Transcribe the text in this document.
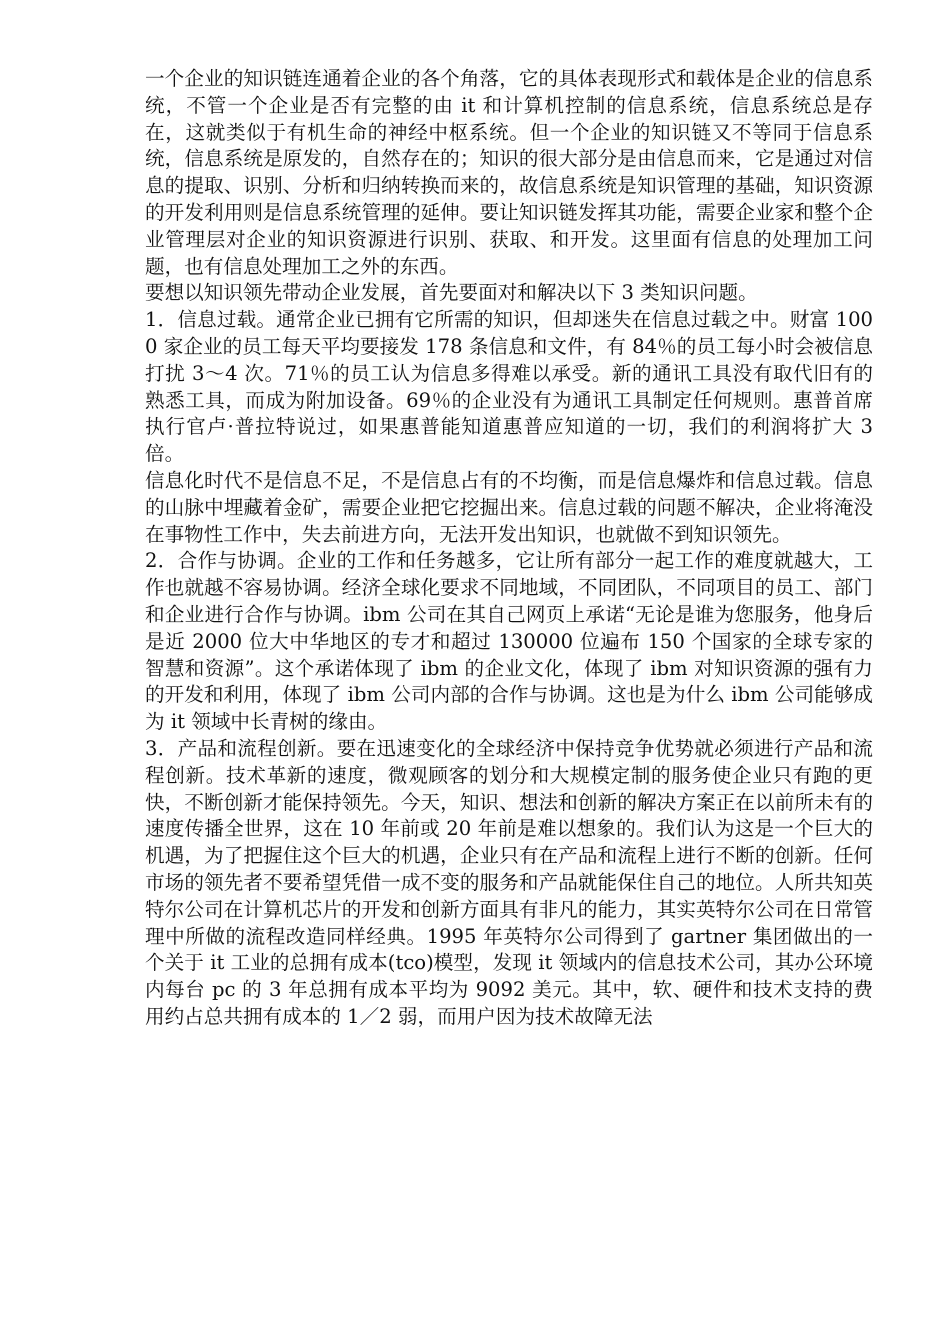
一个企业的知识链连通着企业的各个角落，它的具体表现形式和载体是企业的信息系统，不管一个企业是否有完整的由 it 和计算机控制的信息系统，信息系统总是存在，这就类似于有机生命的神经中枢系统。但一个企业的知识链又不等同于信息系统，信息系统是原发的，自然存在的；知识的很大部分是由信息而来，它是通过对信息的提取、识别、分析和归纳转换而来的，故信息系统是知识管理的基础，知识资源的开发利用则是信息系统管理的延伸。要让知识链发挥其功能，需要企业家和整个企业管理层对企业的知识资源进行识别、获取、和开发。这里面有信息的处理加工问题，也有信息处理加工之外的东西。

要想以知识领先带动企业发展，首先要面对和解决以下 3 类知识问题。

1．信息过载。通常企业已拥有它所需的知识，但却迷失在信息过载之中。财富 1000 家企业的员工每天平均要接发 178 条信息和文件，有 84％的员工每小时会被信息打扰 3～4 次。71％的员工认为信息多得难以承受。新的通讯工具没有取代旧有的熟悉工具，而成为附加设备。69％的企业没有为通讯工具制定任何规则。惠普首席执行官卢·普拉特说过，如果惠普能知道惠普应知道的一切，我们的利润将扩大 3 倍。

信息化时代不是信息不足，不是信息占有的不均衡，而是信息爆炸和信息过载。信息的山脉中埋藏着金矿，需要企业把它挖掘出来。信息过载的问题不解决，企业将淹没在事物性工作中，失去前进方向，无法开发出知识，也就做不到知识领先。

2．合作与协调。企业的工作和任务越多，它让所有部分一起工作的难度就越大，工作也就越不容易协调。经济全球化要求不同地域，不同团队，不同项目的员工、部门和企业进行合作与协调。ibm 公司在其自己网页上承诺“无论是谁为您服务，他身后是近 2000 位大中华地区的专才和超过 130000 位遍布 150 个国家的全球专家的智慧和资源”。这个承诺体现了 ibm 的企业文化，体现了 ibm 对知识资源的强有力的开发和利用，体现了 ibm 公司内部的合作与协调。这也是为什么 ibm 公司能够成为 it 领域中长青树的缘由。

3．产品和流程创新。要在迅速变化的全球经济中保持竞争优势就必须进行产品和流程创新。技术革新的速度，微观顾客的划分和大规模定制的服务使企业只有跑的更快，不断创新才能保持领先。今天，知识、想法和创新的解决方案正在以前所未有的速度传播全世界，这在 10 年前或 20 年前是难以想象的。我们认为这是一个巨大的机遇，为了把握住这个巨大的机遇，企业只有在产品和流程上进行不断的创新。任何市场的领先者不要希望凭借一成不变的服务和产品就能保住自己的地位。人所共知英特尔公司在计算机芯片的开发和创新方面具有非凡的能力，其实英特尔公司在日常管理中所做的流程改造同样经典。1995 年英特尔公司得到了 gartner 集团做出的一个关于 it 工业的总拥有成本(tco)模型，发现 it 领域内的信息技术公司，其办公环境内每台 pc 的 3 年总拥有成本平均为 9092 美元。其中，软、硬件和技术支持的费用约占总共拥有成本的 1／2 弱，而用户因为技术故障无法
